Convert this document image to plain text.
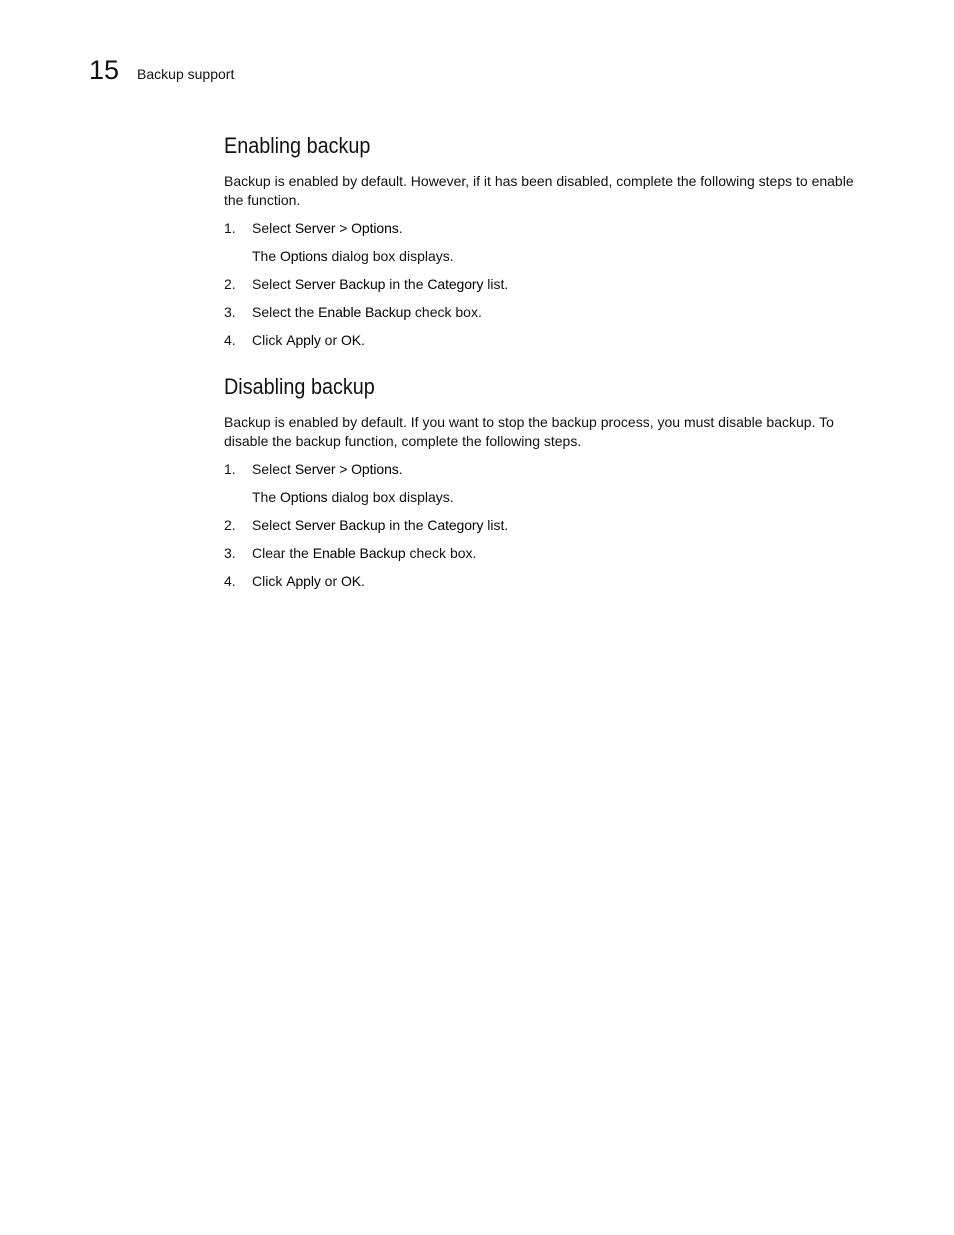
15 Backup support
Enabling backup

Backup is enabled by default. However, if it has been disabled, complete the following steps to enable the function.

1. Select Server > Options.
The Options dialog box displays.
2. Select Server Backup in the Category list.
3. Select the Enable Backup check box.
4. Click Apply or OK.
Disabling backup

Backup is enabled by default. If you want to stop the backup process, you must disable backup. To disable the backup function, complete the following steps.

1. Select Server > Options.
The Options dialog box displays.
2. Select Server Backup in the Category list.
3. Clear the Enable Backup check box.
4. Click Apply or OK.
